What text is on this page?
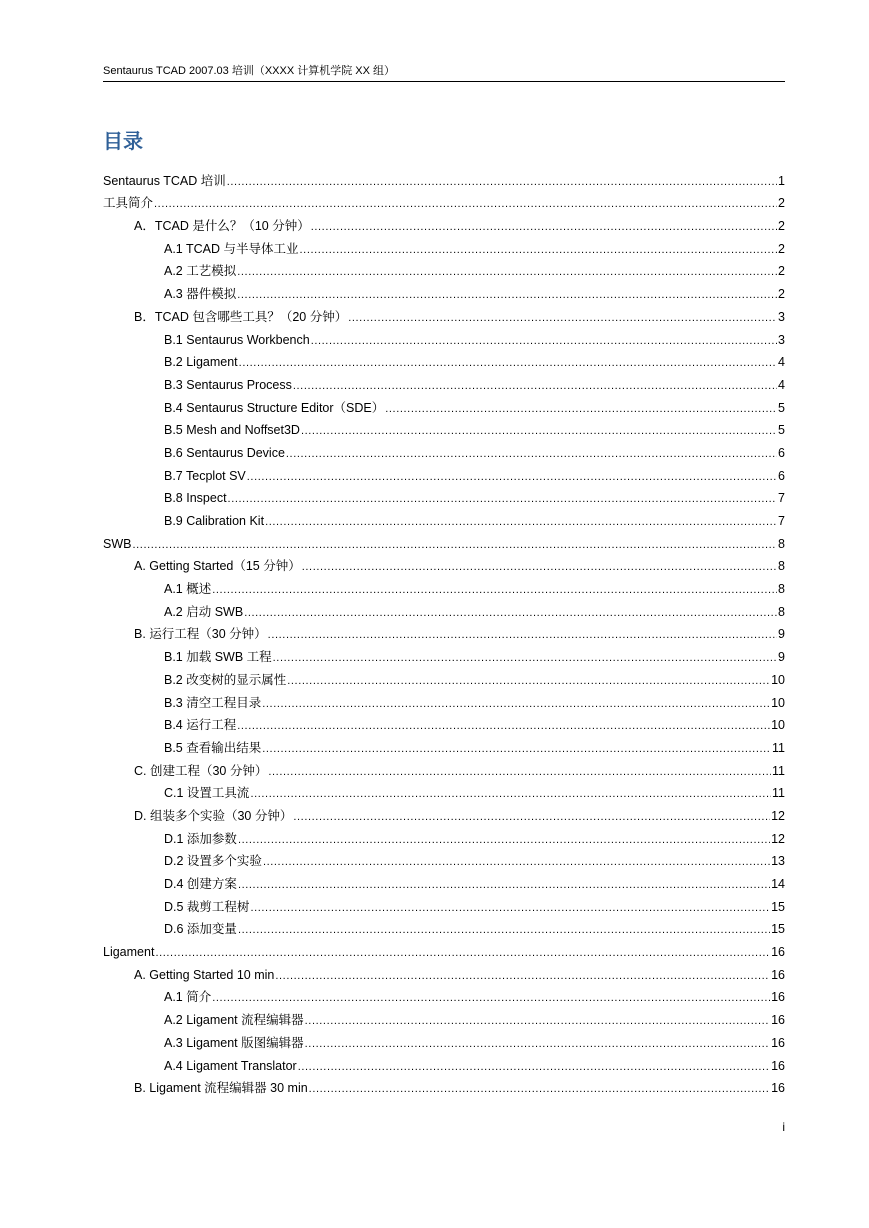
Sentaurus TCAD 2007.03 培训（XXXX 计算机学院 XX 组）
目录
Sentaurus TCAD 培训 .....	1
工具简介 .....	2
A．TCAD 是什么？（10 分钟） .....	2
A.1 TCAD 与半导体工业 .....	2
A.2 工艺模拟 .....	2
A.3 器件模拟 .....	2
B．TCAD 包含哪些工具？（20 分钟） .....	3
B.1 Sentaurus Workbench .....	3
B.2 Ligament .....	4
B.3 Sentaurus Process .....	4
B.4 Sentaurus Structure Editor（SDE） .....	5
B.5 Mesh and Noffset3D .....	5
B.6 Sentaurus Device .....	6
B.7 Tecplot SV .....	6
B.8 Inspect .....	7
B.9 Calibration Kit .....	7
SWB .....	8
A. Getting Started（15 分钟） .....	8
A.1 概述 .....	8
A.2 启动 SWB .....	8
B. 运行工程（30 分钟） .....	9
B.1 加载 SWB 工程 .....	9
B.2 改变树的显示属性 .....	10
B.3 清空工程目录 .....	10
B.4 运行工程 .....	10
B.5 查看输出结果 .....	11
C. 创建工程（30 分钟） .....	11
C.1 设置工具流 .....	11
D. 组装多个实验（30 分钟） .....	12
D.1 添加参数 .....	12
D.2 设置多个实验 .....	13
D.4 创建方案 .....	14
D.5 裁剪工程树 .....	15
D.6 添加变量 .....	15
Ligament .....	16
A. Getting Started 10 min .....	16
A.1 简介 .....	16
A.2 Ligament 流程编辑器 .....	16
A.3 Ligament 版图编辑器 .....	16
A.4 Ligament Translator .....	16
B. Ligament 流程编辑器 30 min .....	16
i
